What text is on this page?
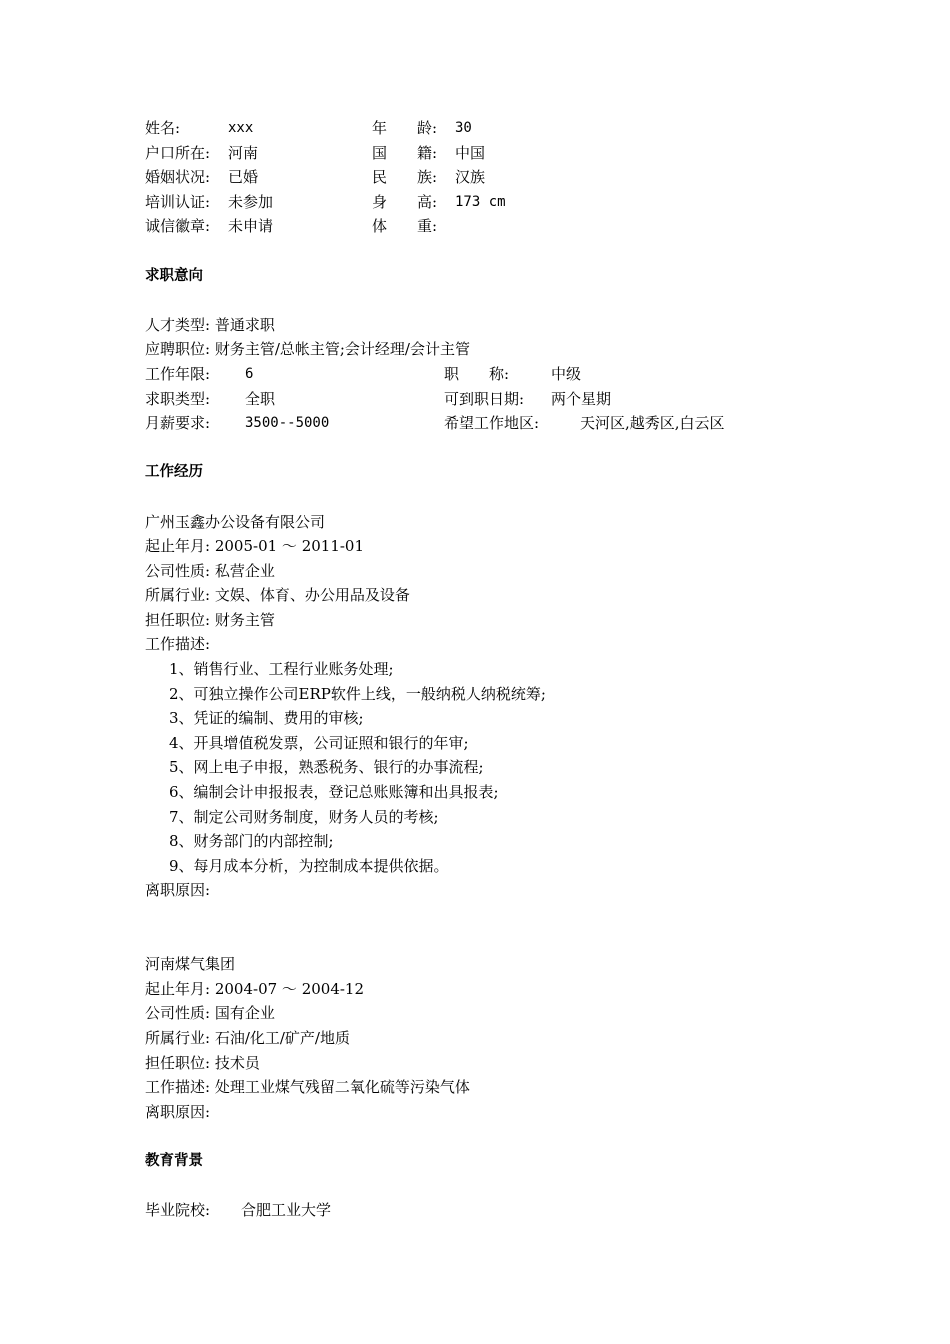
姓名:	xxx	年　　龄: 30
户口所在: 河南	国　　籍: 中国
婚姻状况: 已婚	民　　族: 汉族
培训认证: 未参加	身　　高: 173 cm
诚信徽章: 未申请	体　　重:
求职意向
人才类型: 普通求职
应聘职位: 财务主管/总帐主管;会计经理/会计主管
工作年限: 6	职　　称:	中级
求职类型: 全职	可到职日期: 两个星期
月薪要求: 3500--5000	希望工作地区:	天河区,越秀区,白云区
工作经历
广州玉鑫办公设备有限公司
起止年月: 2005-01 ～ 2011-01
公司性质: 私营企业
所属行业: 文娱、体育、办公用品及设备
担任职位: 财务主管
工作描述:
1、销售行业、工程行业账务处理;
2、可独立操作公司ERP软件上线，一般纳税人纳税统筹;
3、凭证的编制、费用的审核;
4、开具增值税发票，公司证照和银行的年审;
5、网上电子申报，熟悉税务、银行的办事流程;
6、编制会计申报报表，登记总账账簿和出具报表;
7、制定公司财务制度，财务人员的考核;
8、财务部门的内部控制;
9、每月成本分析，为控制成本提供依据。
离职原因:
河南煤气集团
起止年月: 2004-07 ～ 2004-12
公司性质: 国有企业
所属行业: 石油/化工/矿产/地质
担任职位: 技术员
工作描述: 处理工业煤气残留二氧化硫等污染气体
离职原因:
教育背景
毕业院校: 合肥工业大学
